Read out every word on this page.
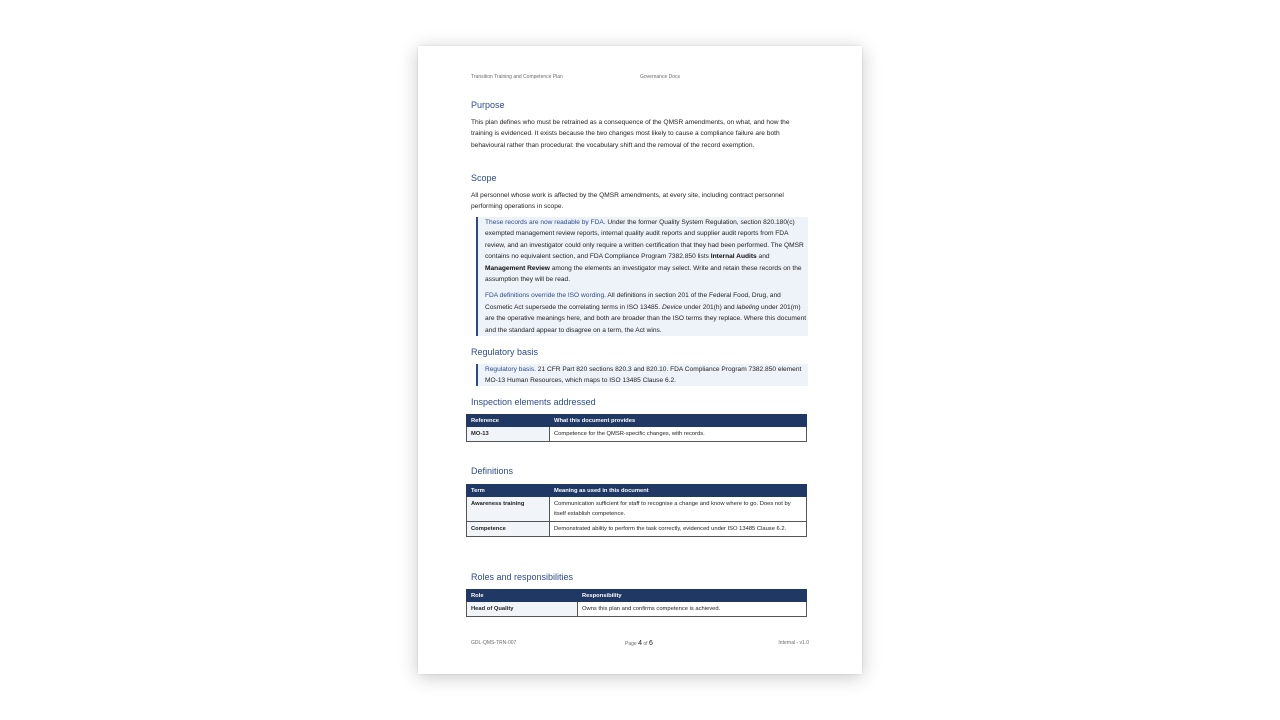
Transition Training and Competence Plan	Governance Docs
Purpose
This plan defines who must be retrained as a consequence of the QMSR amendments, on what, and how the training is evidenced. It exists because the two changes most likely to cause a compliance failure are both behavioural rather than procedural: the vocabulary shift and the removal of the record exemption.
Scope
All personnel whose work is affected by the QMSR amendments, at every site, including contract personnel performing operations in scope.

These records are now readable by FDA. Under the former Quality System Regulation, section 820.180(c) exempted management review reports, internal quality audit reports and supplier audit reports from FDA review, and an investigator could only require a written certification that they had been performed. The QMSR contains no equivalent section, and FDA Compliance Program 7382.850 lists Internal Audits and Management Review among the elements an investigator may select. Write and retain these records on the assumption they will be read.

FDA definitions override the ISO wording. All definitions in section 201 of the Federal Food, Drug, and Cosmetic Act supersede the correlating terms in ISO 13485. Device under 201(h) and labeling under 201(m) are the operative meanings here, and both are broader than the ISO terms they replace. Where this document and the standard appear to disagree on a term, the Act wins.

Regulatory basis

Regulatory basis. 21 CFR Part 820 sections 820.3 and 820.10. FDA Compliance Program 7382.850 element MO-13 Human Resources, which maps to ISO 13485 Clause 6.2.

Inspection elements addressed
Reference	What this document provides
MO-13	Competence for the QMSR-specific changes, with records.
Definitions
Term	Meaning as used in this document
Awareness training	Communication sufficient for staff to recognise a change and know where to go. Does not by itself establish competence.
Competence	Demonstrated ability to perform the task correctly, evidenced under ISO 13485 Clause 6.2.
Roles and responsibilities
Role	Responsibility
Head of Quality	Owns this plan and confirms competence is achieved.
GDL-QMS-TRN-007	Page 4 of 6	Internal - v1.0
